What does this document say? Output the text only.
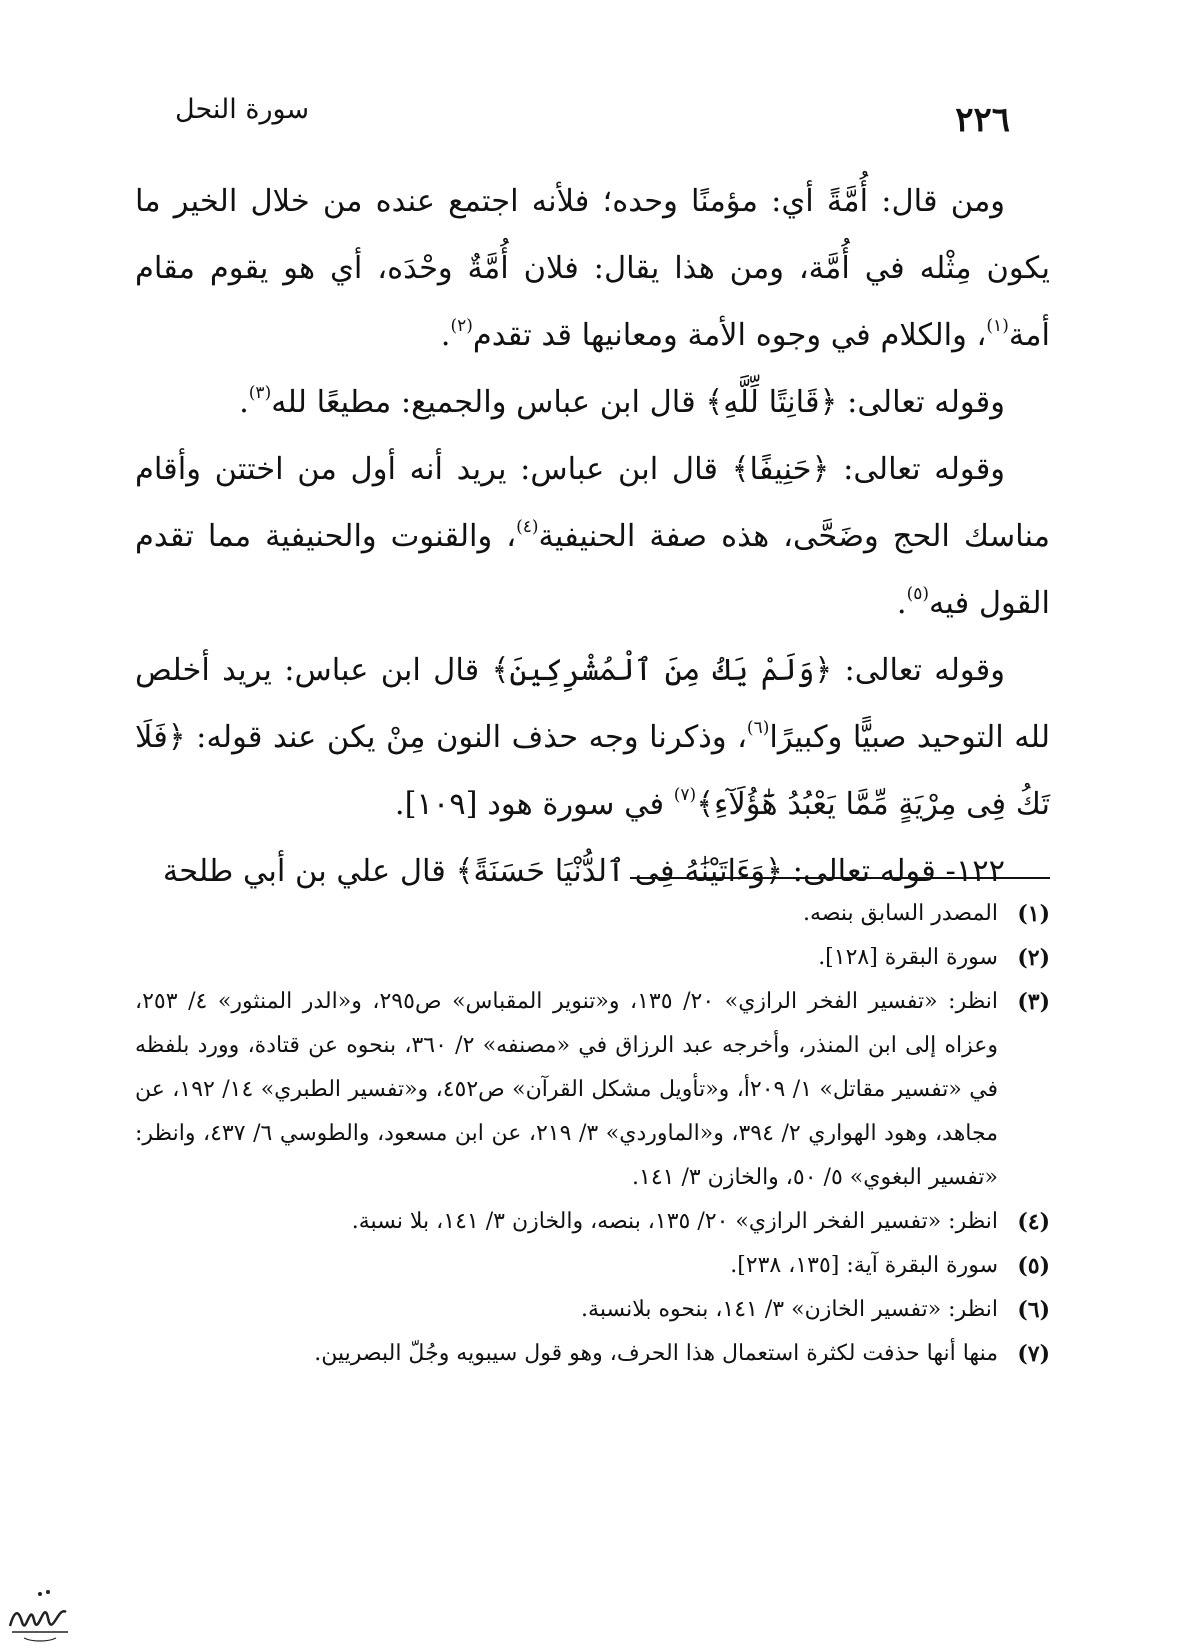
سورة النحل	٢٢٦

ومن قال: أُمَّةً أي: مؤمنًا وحده؛ فلأنه اجتمع عنده من خلال الخير ما يكون مِثْله في أُمَّة، ومن هذا يقال: فلان أُمَّةٌ وحْدَه، أي هو يقوم مقام أمة$^{(١)}$، والكلام في وجوه الأمة ومعانيها قد تقدم$^{(٢)}$.

وقوله تعالى: ﴿قَانِتًا لِّلَّهِ﴾ قال ابن عباس والجميع: مطيعًا لله$^{(٣)}$.

وقوله تعالى: ﴿حَنِيفًا﴾ قال ابن عباس: يريد أنه أول من اختتن وأقام مناسك الحج وضَحَّى، هذه صفة الحنيفية$^{(٤)}$، والقنوت والحنيفية مما تقدم القول فيه$^{(٥)}$.

وقوله تعالى: ﴿وَلَمْ يَكُ مِنَ ٱلْمُشْرِكِينَ﴾ قال ابن عباس: يريد أخلص لله التوحيد صبيًّا وكبيرًا$^{(٦)}$، وذكرنا وجه حذف النون مِنْ يكن عند قوله: ﴿فَلَا تَكُ فِى مِرْيَةٍ مِّمَّا يَعْبُدُ هَٰٓؤُلَآءِ﴾$^{(٧)}$ في سورة هود [١٠٩].

١٢٢- قوله تعالى: ﴿وَءَاتَيْنَٰهُ فِى ٱلدُّنْيَا حَسَنَةً﴾ قال علي بن أبي طلحة

(١)
المصدر السابق بنصه.
(٢)
سورة البقرة [١٢٨].
(٣)
انظر: «تفسير الفخر الرازي» ٢٠/ ١٣٥، و«تنوير المقباس» ص٢٩٥، و«الدر المنثور» ٤/ ٢٥٣، وعزاه إلى ابن المنذر، وأخرجه عبد الرزاق في «مصنفه» ٢/ ٣٦٠، بنحوه عن قتادة، وورد بلفظه في «تفسير مقاتل» ١/ ٢٠٩أ، و«تأويل مشكل القرآن» ص٤٥٢، و«تفسير الطبري» ١٤/ ١٩٢، عن مجاهد، وهود الهواري ٢/ ٣٩٤، و«الماوردي» ٣/ ٢١٩، عن ابن مسعود، والطوسي ٦/ ٤٣٧، وانظر: «تفسير البغوي» ٥/ ٥٠، والخازن ٣/ ١٤١.
(٤)
انظر: «تفسير الفخر الرازي» ٢٠/ ١٣٥، بنصه، والخازن ٣/ ١٤١، بلا نسبة.
(٥)
سورة البقرة آية: [١٣٥، ٢٣٨].
(٦)
انظر: «تفسير الخازن» ٣/ ١٤١، بنحوه بلانسبة.
(٧)
منها أنها حذفت لكثرة استعمال هذا الحرف، وهو قول سيبويه وجُلّ البصريين.
